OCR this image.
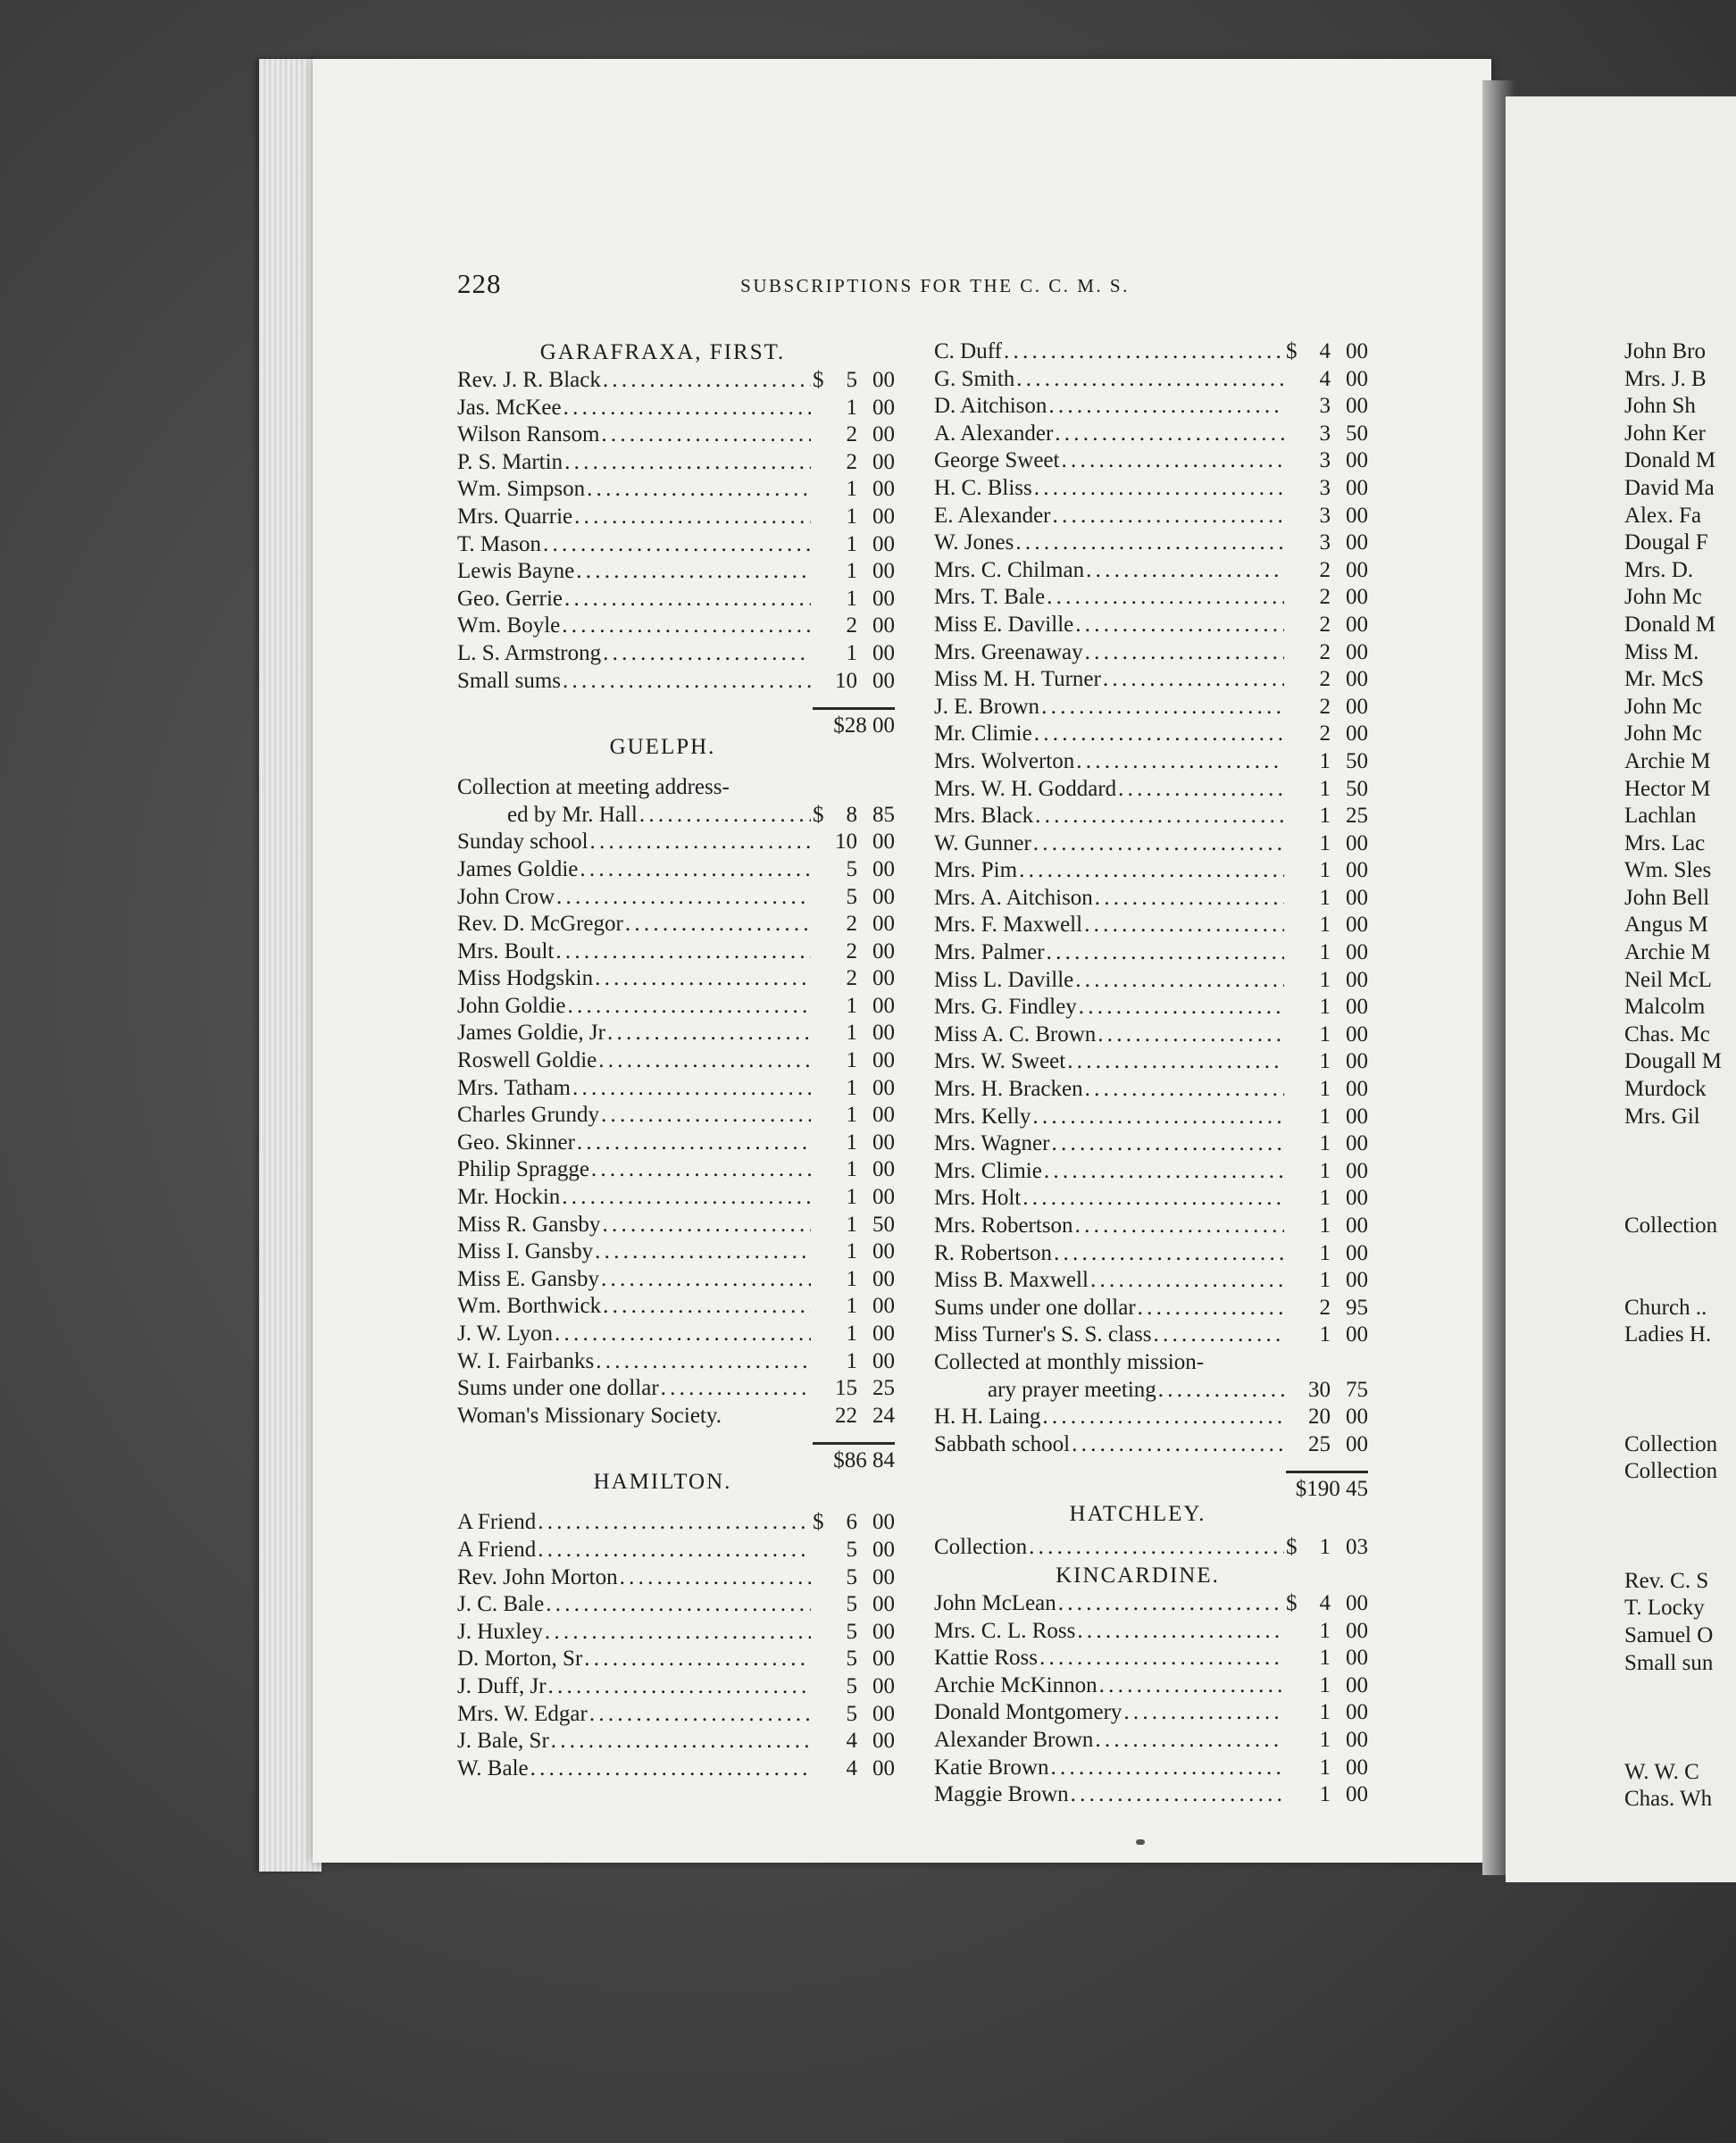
228	SUBSCRIPTIONS FOR THE C. C. M. S.
GARAFRAXA, FIRST.
Rev. J. R. Black . . .	$	5 00
Jas. McKee . . .	1 00
Wilson Ransom . . .	2 00
P. S. Martin . . .	2 00
Wm. Simpson . . .	1 00
Mrs. Quarrie . . .	1 00
T. Mason . . .	1 00
Lewis Bayne . . .	1 00
Geo. Gerrie . . .	1 00
Wm. Boyle . . .	2 00
L. S. Armstrong . . .	1 00
Small sums . . .	10 00
$28 00
GUELPH.
Collection at meeting address-
ed by Mr. Hall . . .	$	8 85
Sunday school . . .	10 00
James Goldie . . .	5 00
John Crow . . .	5 00
Rev. D. McGregor . . .	2 00
Mrs. Boult . . .	2 00
Miss Hodgskin . . .	2 00
John Goldie . . .	1 00
James Goldie, Jr . . .	1 00
Roswell Goldie . . .	1 00
Mrs. Tatham . . .	1 00
Charles Grundy . . .	1 00
Geo. Skinner . . .	1 00
Philip Spragge . . .	1 00
Mr. Hockin . . .	1 00
Miss R. Gansby . . .	1 50
Miss I. Gansby . . .	1 00
Miss E. Gansby . . .	1 00
Wm. Borthwick . . .	1 00
J. W. Lyon . . .	1 00
W. I. Fairbanks . . .	1 00
Sums under one dollar . . .	15 25
Woman's Missionary Society.	22 24
$86 84
HAMILTON.
A Friend . . .	$	6 00
A Friend . . .	5 00
Rev. John Morton . . .	5 00
J. C. Bale . . .	5 00
J. Huxley . . .	5 00
D. Morton, Sr . . .	5 00
J. Duff, Jr . . .	5 00
Mrs. W. Edgar . . .	5 00
J. Bale, Sr . . .	4 00
W. Bale . . .	4 00
C. Duff . . .	$	4 00
G. Smith . . .	4 00
D. Aitchison . . .	3 00
A. Alexander . . .	3 50
George Sweet . . .	3 00
H. C. Bliss . . .	3 00
E. Alexander . . .	3 00
W. Jones . . .	3 00
Mrs. C. Chilman . . .	2 00
Mrs. T. Bale . . .	2 00
Miss E. Daville . . .	2 00
Mrs. Greenaway . . .	2 00
Miss M. H. Turner . . .	2 00
J. E. Brown . . .	2 00
Mr. Climie . . .	2 00
Mrs. Wolverton . . .	1 50
Mrs. W. H. Goddard . . .	1 50
Mrs. Black . . .	1 25
W. Gunner . . .	1 00
Mrs. Pim . . .	1 00
Mrs. A. Aitchison . . .	1 00
Mrs. F. Maxwell . . .	1 00
Mrs. Palmer . . .	1 00
Miss L. Daville . . .	1 00
Mrs. G. Findley . . .	1 00
Miss A. C. Brown . . .	1 00
Mrs. W. Sweet . . .	1 00
Mrs. H. Bracken . . .	1 00
Mrs. Kelly . . .	1 00
Mrs. Wagner . . .	1 00
Mrs. Climie . . .	1 00
Mrs. Holt . . .	1 00
Mrs. Robertson . . .	1 00
R. Robertson . . .	1 00
Miss B. Maxwell . . .	1 00
Sums under one dollar . . .	2 95
Miss Turner's S. S. class . . .	1 00
Collected at monthly mission-
ary prayer meeting . . .	30 75
H. H. Laing . . .	20 00
Sabbath school . . .	25 00
$190 45
HATCHLEY.
Collection . . .	$	1 03
KINCARDINE.
John McLean . . .	$	4 00
Mrs. C. L. Ross . . .	1 00
Kattie Ross . . .	1 00
Archie McKinnon . . .	1 00
Donald Montgomery . . .	1 00
Alexander Brown . . .	1 00
Katie Brown . . .	1 00
Maggie Brown . . .	1 00
John Bro
Mrs. J. B
John Sh
John Ker
Donald M
David Ma
Alex. Fa
Dougal F
Mrs. D.
John Mc
Donald M
Miss M.
Mr. McS
John Mc
John Mc
Archie M
Hector M
Lachlan
Mrs. Lac
Wm. Sles
John Bell
Angus M
Archie M
Neil McL
Malcolm
Chas. Mc
Dougall M
Murdock
Mrs. Gil
Collection
Church ..
Ladies H.
Collection
Collection
Rev. C. S
T. Locky
Samuel O
Small sun
W. W. C
Chas. Wh
